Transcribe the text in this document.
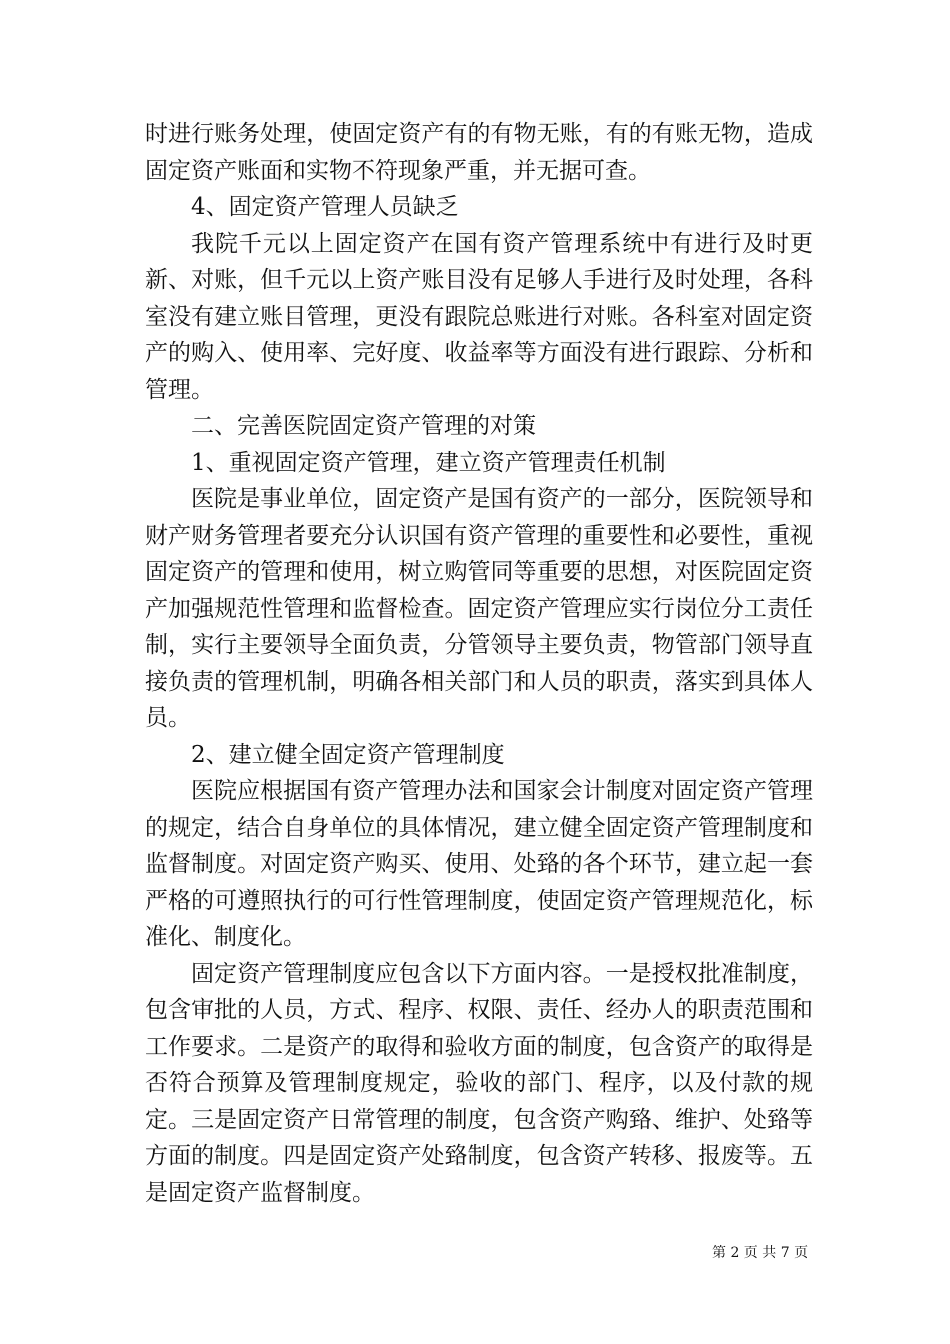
时进行账务处理，使固定资产有的有物无账，有的有账无物，造成固定资产账面和实物不符现象严重，并无据可查。

4、固定资产管理人员缺乏

我院千元以上固定资产在国有资产管理系统中有进行及时更新、对账，但千元以上资产账目没有足够人手进行及时处理，各科室没有建立账目管理，更没有跟院总账进行对账。各科室对固定资产的购入、使用率、完好度、收益率等方面没有进行跟踪、分析和管理。

二、完善医院固定资产管理的对策

1、重视固定资产管理，建立资产管理责任机制

医院是事业单位，固定资产是国有资产的一部分，医院领导和财产财务管理者要充分认识国有资产管理的重要性和必要性，重视固定资产的管理和使用，树立购管同等重要的思想，对医院固定资产加强规范性管理和监督检查。固定资产管理应实行岗位分工责任制，实行主要领导全面负责，分管领导主要负责，物管部门领导直接负责的管理机制，明确各相关部门和人员的职责，落实到具体人员。

2、建立健全固定资产管理制度

医院应根据国有资产管理办法和国家会计制度对固定资产管理的规定，结合自身单位的具体情况，建立健全固定资产管理制度和监督制度。对固定资产购买、使用、处臵的各个环节，建立起一套严格的可遵照执行的可行性管理制度，使固定资产管理规范化，标准化、制度化。

固定资产管理制度应包含以下方面内容。一是授权批准制度，包含审批的人员，方式、程序、权限、责任、经办人的职责范围和工作要求。二是资产的取得和验收方面的制度，包含资产的取得是否符合预算及管理制度规定，验收的部门、程序，以及付款的规定。三是固定资产日常管理的制度，包含资产购臵、维护、处臵等方面的制度。四是固定资产处臵制度，包含资产转移、报废等。五是固定资产监督制度。

第 2 页 共 7 页
